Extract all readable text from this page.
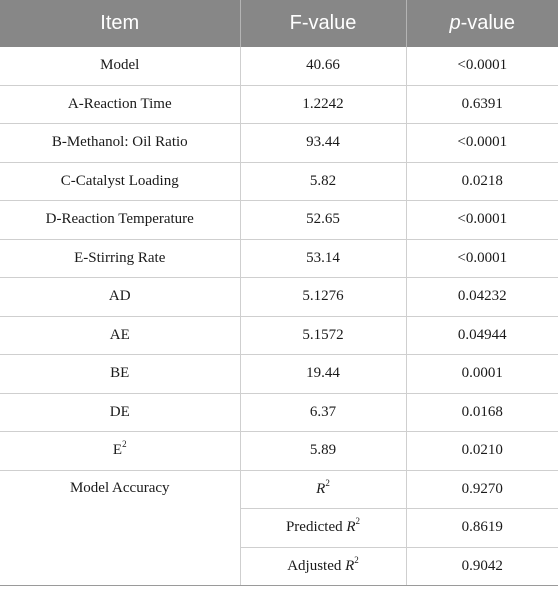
Item	F-value	p-value
Model	40.66	<0.0001
A-Reaction Time	1.2242	0.6391
B-Methanol: Oil Ratio	93.44	<0.0001
C-Catalyst Loading	5.82	0.0218
D-Reaction Temperature	52.65	<0.0001
E-Stirring Rate	53.14	<0.0001
AD	5.1276	0.04232
AE	5.1572	0.04944
BE	19.44	0.0001
DE	6.37	0.0168
$E^2$	5.89	0.0210
Model Accuracy	$R^2$	0.9270
	Predicted $R^2$	0.8619
	Adjusted $R^2$	0.9042
